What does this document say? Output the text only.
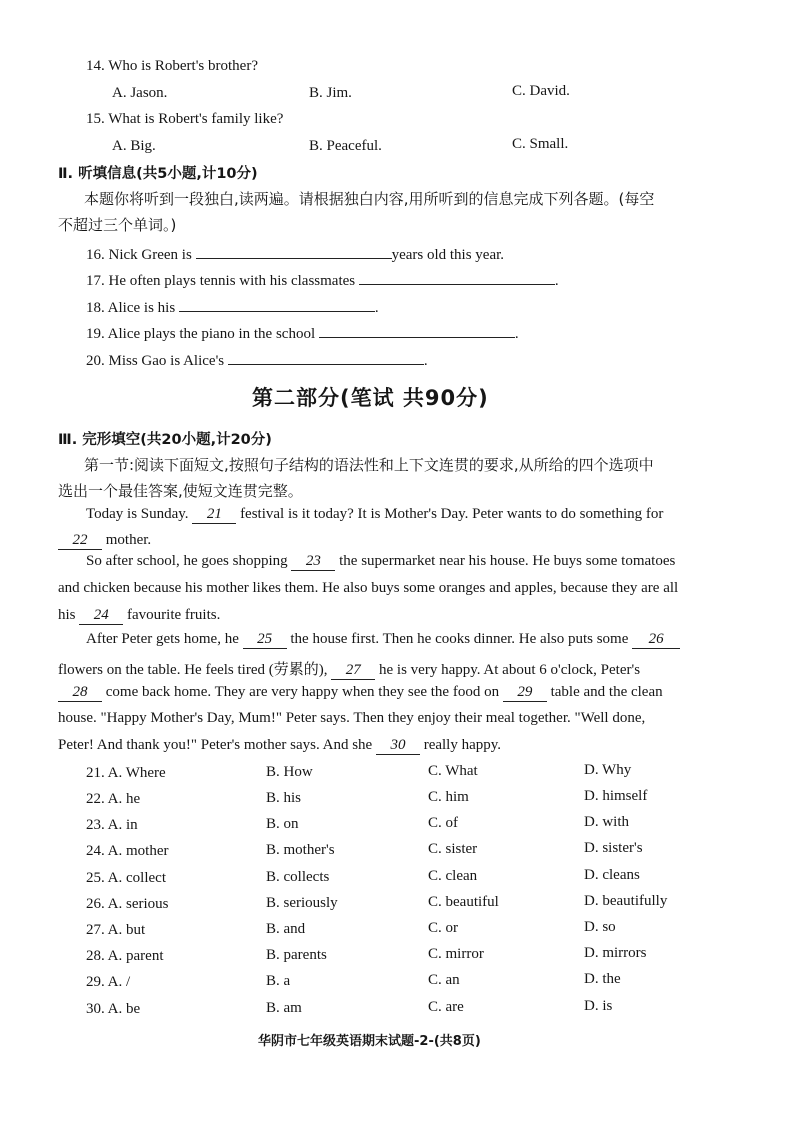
14. Who is Robert's brother?
A. Jason.	B. Jim.	C. David.
15. What is Robert's family like?
A. Big.	B. Peaceful.	C. Small.
Ⅱ. 听填信息(共5小题,计10分)
本题你将听到一段独白,读两遍。请根据独白内容,用所听到的信息完成下列各题。(每空
不超过三个单词。)
16. Nick Green is	years old this year.
17. He often plays tennis with his classmates	.
18. Alice is his	.
19. Alice plays the piano in the school	.
20. Miss Gao is Alice's	.
第二部分(笔试 共90分)
Ⅲ. 完形填空(共20小题,计20分)
第一节:阅读下面短文,按照句子结构的语法性和上下文连贯的要求,从所给的四个选项中
选出一个最佳答案,使短文连贯完整。
Today is Sunday. 21 festival is it today? It is Mother's Day. Peter wants to do something for
22 mother.
So after school, he goes shopping 23 the supermarket near his house. He buys some tomatoes
and chicken because his mother likes them. He also buys some oranges and apples, because they are all
his 24 favourite fruits.
After Peter gets home, he 25 the house first. Then he cooks dinner. He also puts some 26
flowers on the table. He feels tired (劳累的), 27 he is very happy. At about 6 o'clock, Peter's
28 come back home. They are very happy when they see the food on 29 table and the clean
house. "Happy Mother's Day, Mum!" Peter says. Then they enjoy their meal together. "Well done,
Peter! And thank you!" Peter's mother says. And she 30 really happy.
21. A. Where	B. How	C. What	D. Why
22. A. he	B. his	C. him	D. himself
23. A. in	B. on	C. of	D. with
24. A. mother	B. mother's	C. sister	D. sister's
25. A. collect	B. collects	C. clean	D. cleans
26. A. serious	B. seriously	C. beautiful	D. beautifully
27. A. but	B. and	C. or	D. so
28. A. parent	B. parents	C. mirror	D. mirrors
29. A. /	B. a	C. an	D. the
30. A. be	B. am	C. are	D. is
华阴市七年级英语期末试题-2-(共8页)
